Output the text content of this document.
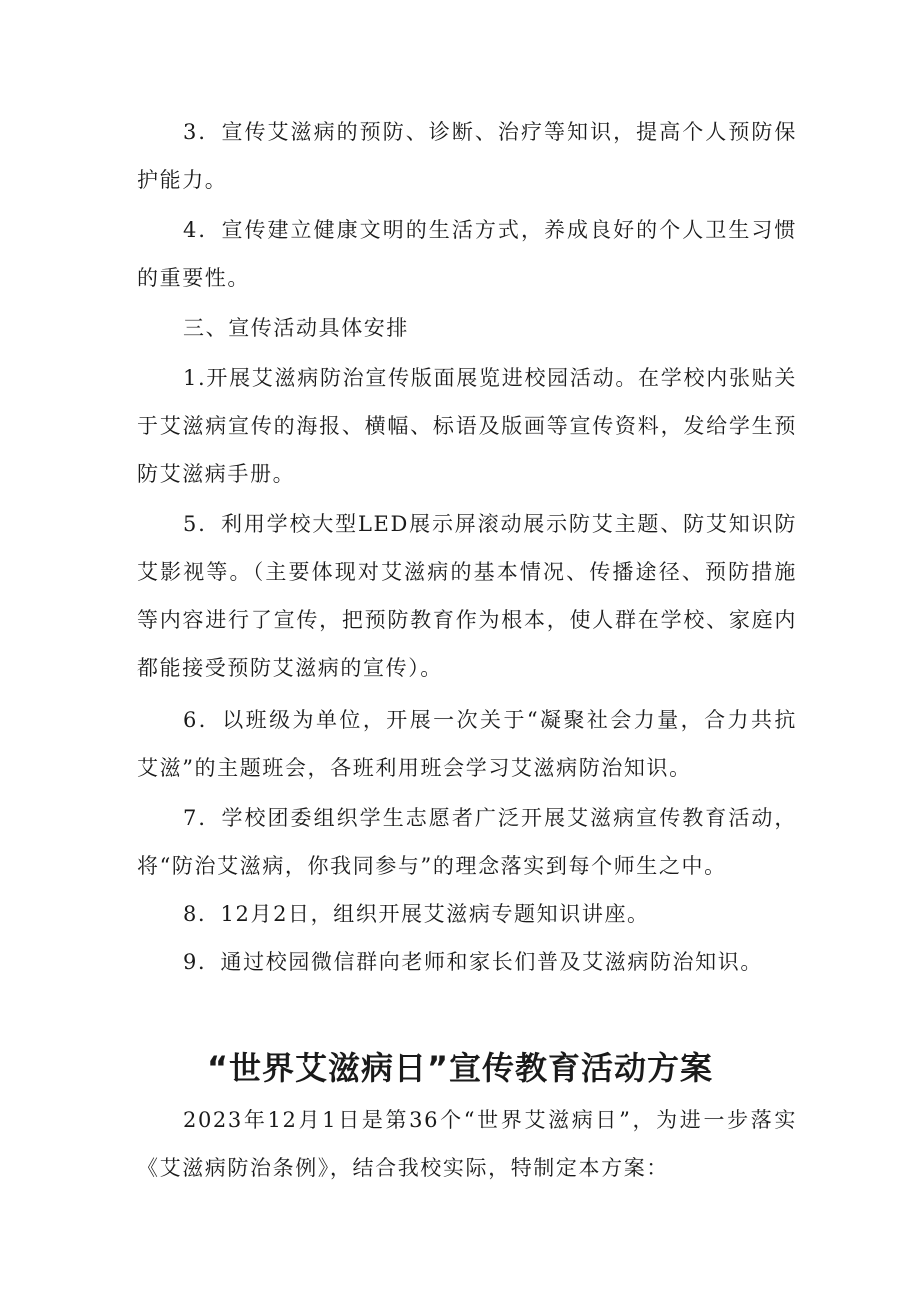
3．宣传艾滋病的预防、诊断、治疗等知识，提高个人预防保护能力。

4．宣传建立健康文明的生活方式，养成良好的个人卫生习惯的重要性。

三、宣传活动具体安排

1.开展艾滋病防治宣传版面展览进校园活动。在学校内张贴关于艾滋病宣传的海报、横幅、标语及版画等宣传资料，发给学生预防艾滋病手册。

5．利用学校大型LED展示屏滚动展示防艾主题、防艾知识防艾影视等。（主要体现对艾滋病的基本情况、传播途径、预防措施等内容进行了宣传，把预防教育作为根本，使人群在学校、家庭内都能接受预防艾滋病的宣传）。

6．以班级为单位，开展一次关于“凝聚社会力量，合力共抗艾滋”的主题班会，各班利用班会学习艾滋病防治知识。

7．学校团委组织学生志愿者广泛开展艾滋病宣传教育活动，将“防治艾滋病，你我同参与”的理念落实到每个师生之中。

8．12月2日，组织开展艾滋病专题知识讲座。

9．通过校园微信群向老师和家长们普及艾滋病防治知识。

“世界艾滋病日”宣传教育活动方案

2023年12月1日是第36个“世界艾滋病日”，为进一步落实《艾滋病防治条例》，结合我校实际，特制定本方案：
